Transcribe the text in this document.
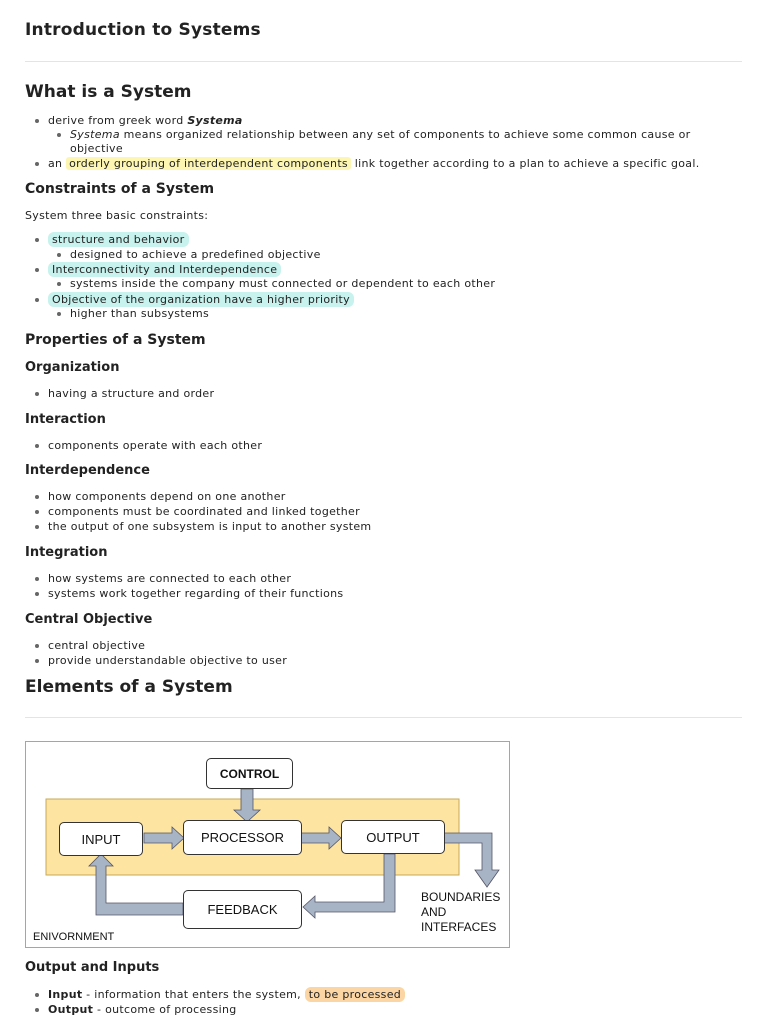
Introduction to Systems
What is a System
derive from greek word Systema
Systema means organized relationship between any set of components to achieve some common cause or
objective
an orderly grouping of interdependent components link together according to a plan to achieve a specific goal.
Constraints of a System
System three basic constraints:
structure and behavior
designed to achieve a predefined objective
Interconnectivity and Interdependence
systems inside the company must connected or dependent to each other
Objective of the organization have a higher priority
higher than subsystems
Properties of a System
Organization
having a structure and order
Interaction
components operate with each other
Interdependence
how components depend on one another
components must be coordinated and linked together
the output of one subsystem is input to another system
Integration
how systems are connected to each other
systems work together regarding of their functions
Central Objective
central objective
provide understandable objective to user
Elements of a System
CONTROL
INPUT	PROCESSOR	OUTPUT
FEEDBACK
BOUNDARIES
AND
INTERFACES
ENIVORNMENT
Output and Inputs
Input - information that enters the system, to be processed
Output - outcome of processing
